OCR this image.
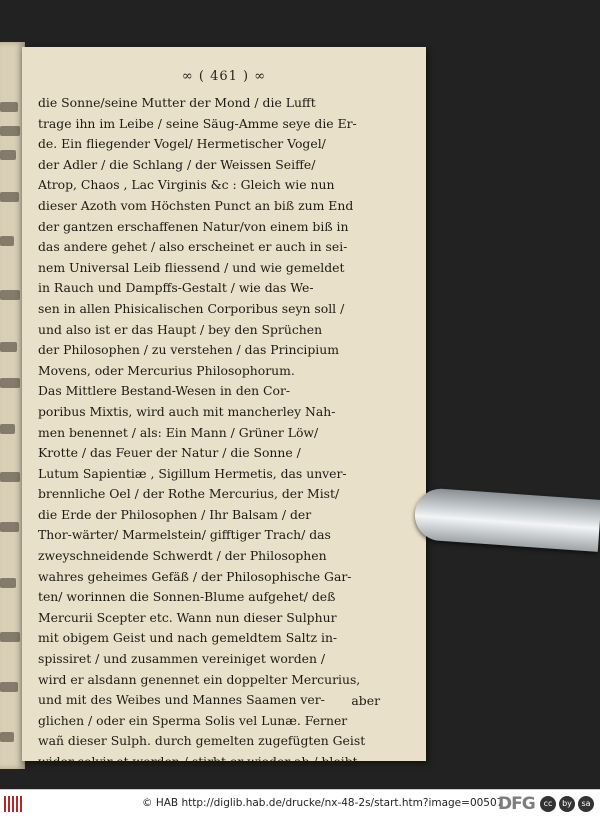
∞ ( 461 ) ∞
die Sonne/seine Mutter der Mond / die Lufft
trage ihn im Leibe / seine Säug-Amme seye die Er-
de. Ein fliegender Vogel/ Hermetischer Vogel/
der Adler / die Schlang / der Weissen Seiffe/
Atrop, Chaos , Lac Virginis &c : Gleich wie nun
dieser Azoth vom Höchsten Punct an biß zum End
der gantzen erschaffenen Natur/von einem biß in
das andere gehet / also erscheinet er auch in sei-
nem Universal Leib fliessend / und wie gemeldet
in Rauch und Dampffs-Gestalt / wie das We-
sen in allen Phisicalischen Corporibus seyn soll /
und also ist er das Haupt / bey den Sprüchen
der Philosophen / zu verstehen / das Principium
Movens, oder Mercurius Philosophorum.
Das Mittlere Bestand-Wesen in den Cor-
poribus Mixtis, wird auch mit mancherley Nah-
men benennet / als: Ein Mann / Grüner Löw/
Krotte / das Feuer der Natur / die Sonne /
Lutum Sapientiæ , Sigillum Hermetis, das unver-
brennliche Oel / der Rothe Mercurius, der Mist/
die Erde der Philosophen / Ihr Balsam / der
Thor-wärter/ Marmelstein/ gifftiger Trach/ das
zweyschneidende Schwerdt / der Philosophen
wahres geheimes Gefäß / der Philosophische Gar-
ten/ worinnen die Sonnen-Blume aufgehet/ deß
Mercurii Scepter etc. Wann nun dieser Sulphur
mit obigem Geist und nach gemeldtem Saltz in-
spissiret / und zusammen vereiniget worden /
wird er alsdann genennet ein doppelter Mercurius,
und mit des Weibes und Mannes Saamen ver-
glichen / oder ein Sperma Solis vel Lunæ. Ferner
wañ dieser Sulph. durch gemelten zugefügten Geist
wider solvir et worden / stirbt er wieder ab / bleibt
aber
© HAB http://diglib.hab.de/drucke/nx-48-2s/start.htm?image=00507
DFG	cc	by	sa
